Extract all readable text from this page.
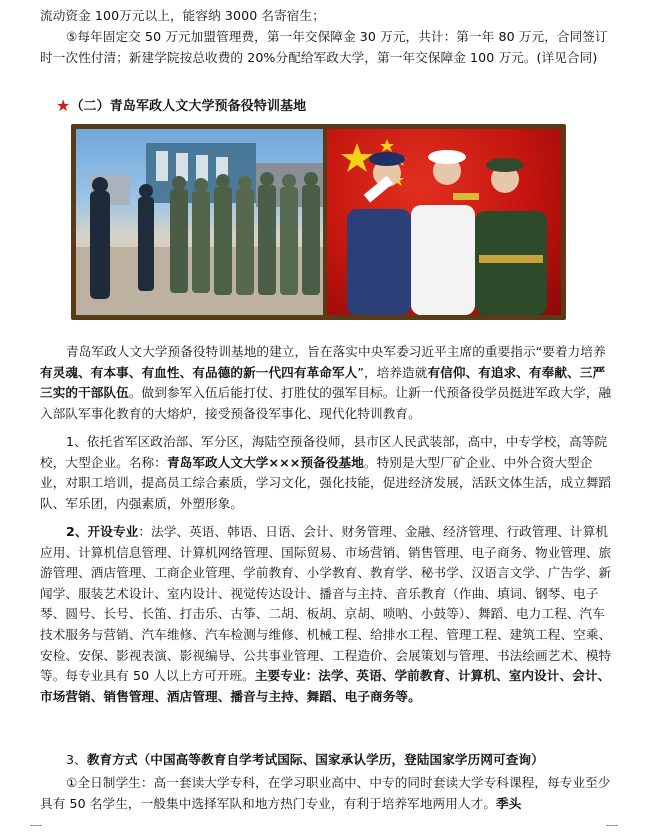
流动资金 100万元以上，能容纳 3000 名寄宿生；

⑤每年固定交 50 万元加盟管理费，第一年交保障金 30 万元，共计：第一年 80 万元，合同签订时一次性付清；新建学院按总收费的 20%分配给军政大学，第一年交保障金 100 万元。(详见合同)

★（二）青岛军政人文大学预备役特训基地

青岛军政人文大学预备役特训基地的建立，旨在落实中央军委习近平主席的重要指示“要着力培养有灵魂、有本事、有血性、有品德的新一代四有革命军人”，培养造就有信仰、有追求、有奉献、三严三实的干部队伍。做到参军入伍后能打仗、打胜仗的强军目标。让新一代预备役学员挺进军政大学，融入部队军事化教育的大熔炉，接受预备役军事化、现代化特训教育。

1、依托省军区政治部、军分区，海陆空预备役师，县市区人民武装部，高中，中专学校，高等院校，大型企业。名称：青岛军政人文大学×××预备役基地。特别是大型厂矿企业、中外合资大型企业，对职工培训，提高员工综合素质，学习文化，强化技能，促进经济发展，活跃文体生活，成立舞蹈队、军乐团，内强素质，外塑形象。

2、开设专业：法学、英语、韩语、日语、会计、财务管理、金融、经济管理、行政管理、计算机应用、计算机信息管理、计算机网络管理、国际贸易、市场营销、销售管理、电子商务、物业管理、旅游管理、酒店管理、工商企业管理、学前教育、小学教育、教育学、秘书学、汉语言文学、广告学、新闻学、服装艺术设计、室内设计、视觉传达设计、播音与主持、音乐教育（作曲、填词、钢琴、电子琴、圆号、长号、长笛、打击乐、古筝、二胡、板胡、京胡、唢呐、小鼓等）、舞蹈、电力工程、汽车技术服务与营销、汽车维修、汽车检测与维修、机械工程、给排水工程、管理工程、建筑工程、空乘、安检、安保、影视表演、影视编导、公共事业管理、工程造价、会展策划与管理、书法绘画艺术、模特等。每专业具有 50 人以上方可开班。主要专业：法学、英语、学前教育、计算机、室内设计、会计、市场营销、销售管理、酒店管理、播音与主持、舞蹈、电子商务等。

3、教育方式（中国高等教育自学考试国际、国家承认学历，登陆国家学历网可查询）

①全日制学生：高一套读大学专科，在学习职业高中、中专的同时套读大学专科课程，每专业至少具有 50 名学生，一般集中选择军队和地方热门专业，有利于培养军地两用人才。季头
